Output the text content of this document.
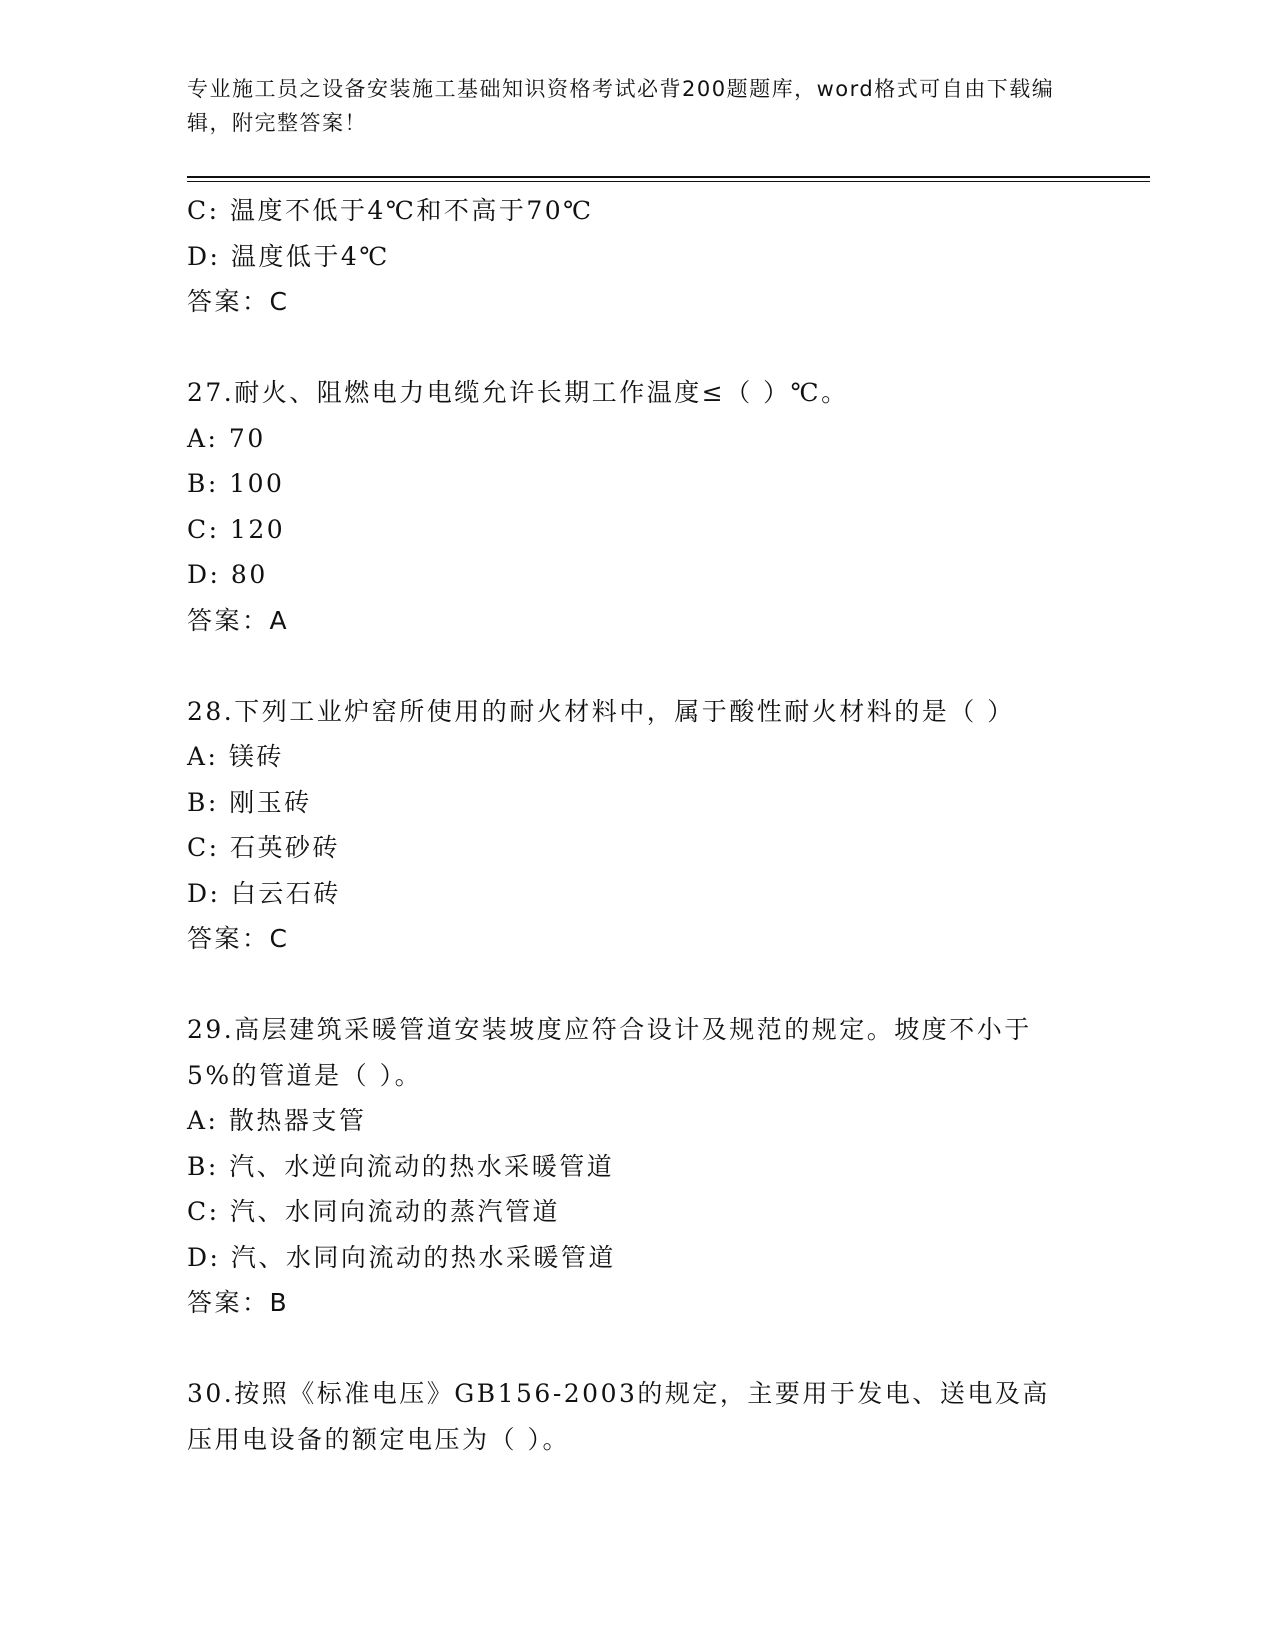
专业施工员之设备安装施工基础知识资格考试必背200题题库，word格式可自由下载编辑，附完整答案！
C: 温度不低于4℃和不高于70℃
D: 温度低于4℃
答案：C
27.耐火、阻燃电力电缆允许长期工作温度≤（ ）℃。
A: 70
B: 100
C: 120
D: 80
答案：A
28.下列工业炉窑所使用的耐火材料中，属于酸性耐火材料的是（ ）
A: 镁砖
B: 刚玉砖
C: 石英砂砖
D: 白云石砖
答案：C
29.高层建筑采暖管道安装坡度应符合设计及规范的规定。坡度不小于5%的管道是（ ）。
A: 散热器支管
B: 汽、水逆向流动的热水采暖管道
C: 汽、水同向流动的蒸汽管道
D: 汽、水同向流动的热水采暖管道
答案：B
30.按照《标准电压》GB156-2003的规定，主要用于发电、送电及高压用电设备的额定电压为（ ）。
